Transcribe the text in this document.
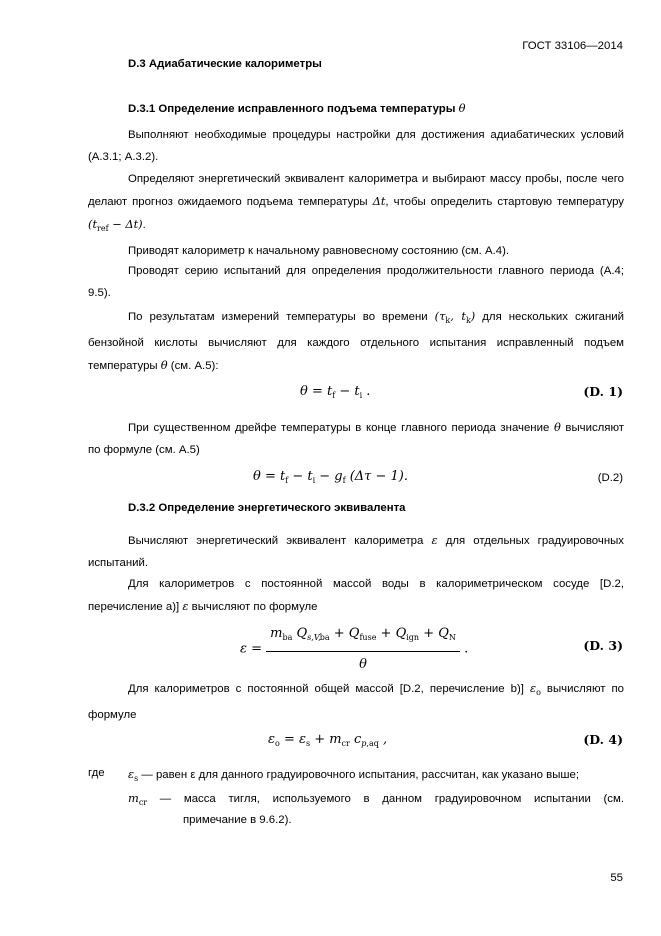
ГОСТ 33106—2014
D.3 Адиабатические калориметры
D.3.1 Определение исправленного подъема температуры θ
Выполняют необходимые процедуры настройки для достижения адиабатических условий (А.3.1; А.3.2).
Определяют энергетический эквивалент калориметра и выбирают массу пробы, после чего делают прогноз ожидаемого подъема температуры Δt, чтобы определить стартовую температуру $(t_{ref} - \Delta t)$.
Приводят калориметр к начальному равновесному состоянию (см. А.4).
Проводят серию испытаний для определения продолжительности главного периода (А.4; 9.5).
По результатам измерений температуры во времени ($\tau_k$, $t_k$) для нескольких сжиганий бензойной кислоты вычисляют для каждого отдельного испытания исправленный подъем температуры θ (см. А.5):
$\theta = t_f - t_i$ .	(D. 1)
При существенном дрейфе температуры в конце главного периода значение θ вычисляют по формуле (см. А.5)
$\theta = t_f - t_i - g_f$ (Δτ − 1).	(D.2)
D.3.2 Определение энергетического эквивалента
Вычисляют энергетический эквивалент калориметра ε для отдельных градуировочных испытаний.
Для калориметров с постоянной массой воды в калориметрическом сосуде [D.2, перечисление а)] ε вычисляют по формуле
$\varepsilon = \frac{m_{ba} Q_{s,V,ba} + Q_{fuse} + Q_{ign} + Q_N}{\theta}$ .	(D. 3)
Для калориметров с постоянной общей массой [D.2, перечисление b)] $\varepsilon_o$ вычисляют по формуле
$\varepsilon_o = \varepsilon_s + m_{cr}$ $c_{p,aq}$ ,	(D. 4)
где $\varepsilon_s$ — равен ε для данного градуировочного испытания, рассчитан, как указано выше;
$m_{cr}$ — масса тигля, используемого в данном градуировочном испытании (см.
примечание в 9.6.2).
55
